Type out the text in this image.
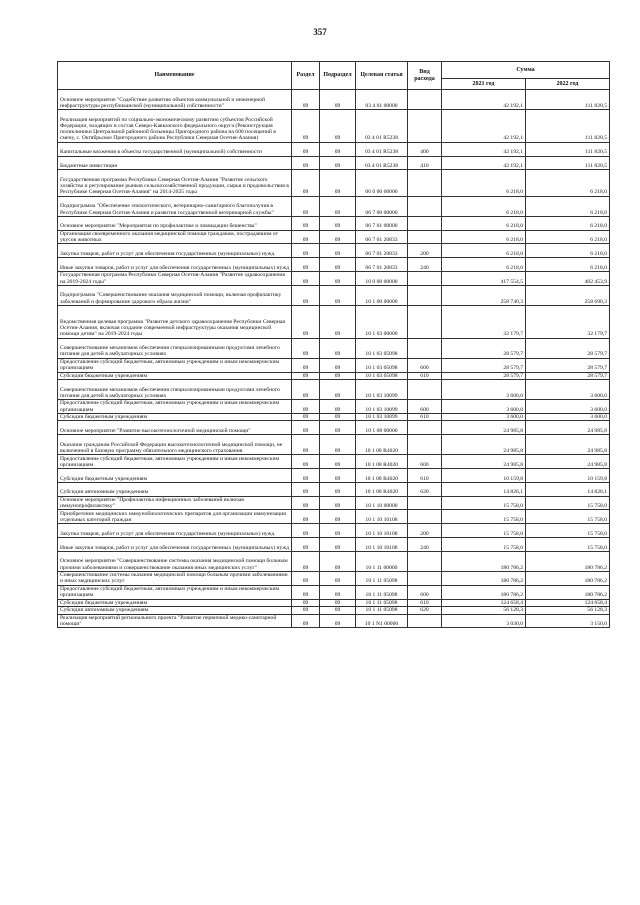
357
Наименование	Раздел	Подраздел	Целевая статья	Вид расхода	Сумма	
					2021 год	2022 год
Основное мероприятие "Содействие развитию объектов коммунальной и инженерной инфраструктуры республиканской (муниципальной) собственности"	09	09	03 4 01 00000		42 192,1	111 820,5
Реализация мероприятий по социально-экономическому развитию субъектов Российской Федерации, входящих в состав Северо-Кавказского федерального округа (Реконструкция поликлиники Центральной районной больницы Пригородного района на 600 посещений в смену, с. Октябрьское Пригородного района Республики Северная Осетия-Алания)	09	09	03 4 01 R5238		42 192,1	111 820,5
Капитальные вложения в объекты государственной (муниципальной) собственности	09	09	03 4 01 R5238	400	42 192,1	111 820,5
Бюджетные инвестиции	09	09	03 4 01 R5238	410	42 192,1	111 820,5
Государственная программа Республики Северная Осетия-Алания "Развитие сельского хозяйства и регулирование рынков сельскохозяйственной продукции, сырья и продовольствия в Республике Северная Осетия-Алания" на 2014-2025 годы	09	09	06 0 00 00000		6 218,0	6 218,0
Подпрограмма "Обеспечение эпизоотического, ветеринарно-санитарного благополучия в Республике Северная Осетия-Алания и развития государственной ветеринарной службы"	09	09	06 7 00 00000		6 218,0	6 218,0
Основное мероприятие "Мероприятия по профилактике и ликвидации бешенства"	09	09	06 7 01 00000		6 218,0	6 218,0
Организация своевременного оказания медицинской помощи гражданам, пострадавшим от укусов животных	09	09	06 7 01 20833		6 218,0	6 218,0
Закупка товаров, работ и услуг для обеспечения государственных (муниципальных) нужд	09	09	06 7 01 20833	200	6 218,0	6 218,0
Иные закупки товаров, работ и услуг для обеспечения государственных (муниципальных) нужд	09	09	06 7 01 20833	240	6 218,0	6 218,0
Государственная программа Республики Северная Осетия-Алания "Развитие здравоохранения на 2019-2024 годы"	09	09	10 0 00 00000		417 554,5	402 453,9
Подпрограмма "Совершенствование оказания медицинской помощи, включая профилактику заболеваний и формирование здорового образа жизни"	09	09	10 1 00 00000		258 740,3	258 690,3
Ведомственная целевая программа "Развитие детского здравоохранения Республики Северная Осетия-Алания, включая создание современной инфраструктуры оказания медицинской помощи детям" на 2019-2024 годы	09	09	10 1 03 00000		32 179,7	32 179,7
Совершенствование механизмов обеспечения специализированными продуктами лечебного питания для детей в амбулаторных условиях	09	09	10 1 03 05098		28 579,7	28 579,7
Предоставление субсидий бюджетным, автономным учреждениям и иным некоммерческим организациям	09	09	10 1 03 05098	600	28 579,7	28 579,7
Субсидии бюджетным учреждениям	09	09	10 1 03 05098	610	28 579,7	28 579,7
Совершенствование механизмов обеспечения специализированными продуктами лечебного питания для детей в амбулаторных условиях	09	09	10 1 03 10099		3 600,0	3 600,0
Предоставление субсидий бюджетным, автономным учреждениям и иным некоммерческим организациям	09	09	10 1 03 10099	600	3 600,0	3 600,0
Субсидии бюджетным учреждениям	09	09	10 1 03 10099	610	3 600,0	3 600,0
Основное мероприятие "Развитие высокотехнологичной медицинской помощи"	09	09	10 1 08 00000		24 985,8	24 985,8
Оказание гражданам Российской Федерации высокотехнологичной медицинской помощи, не включенной в базовую программу обязательного медицинского страхования	09	09	10 1 08 R4020		24 985,8	24 985,8
Предоставление субсидий бюджетным, автономным учреждениям и иным некоммерческим организациям	09	09	10 1 08 R4020	600	24 985,8	24 985,8
Субсидии бюджетным учреждениям	09	09	10 1 08 R4020	610	10 159,8	10 159,8
Субсидии автономным учреждениям	09	09	10 1 08 R4020	620	14 826,1	14 826,1
Основное мероприятие "Профилактика инфекционных заболеваний включая иммунопрофилактику"	09	09	10 1 10 00000		15 758,0	15 758,0
Приобретение медицинских иммунобиологических препаратов для организации иммунизации отдельных категорий граждан	09	09	10 1 10 10108		15 758,0	15 758,0
Закупка товаров, работ и услуг для обеспечения государственных (муниципальных) нужд	09	09	10 1 10 10108	200	15 758,0	15 758,0
Иные закупки товаров, работ и услуг для обеспечения государственных (муниципальных) нужд	09	09	10 1 10 10108	240	15 758,0	15 758,0
Основное мероприятие "Совершенствование системы оказания медицинской помощи больным прочими заболеваниями и совершенствование оказания иных медицинских услуг"	09	09	10 1 11 00000		180 786,2	180 786,2
Совершенствование системы оказания медицинской помощи больным прочими заболеваниями и иных медицинских услуг	09	09	10 1 11 05098		180 786,2	180 786,2
Предоставление субсидий бюджетным, автономным учреждениям и иным некоммерческим организациям	09	09	10 1 11 05098	600	180 786,2	180 786,2
Субсидии бюджетным учреждениям	09	09	10 1 11 05098	610	124 658,4	124 658,4
Субсидии автономным учреждениям	09	09	10 1 11 05098	620	56 128,3	56 128,3
Реализация мероприятий регионального проекта "Развитие первичной медико-санитарной помощи"	09	09	10 1 N1 00000		3 030,0	3 150,0
